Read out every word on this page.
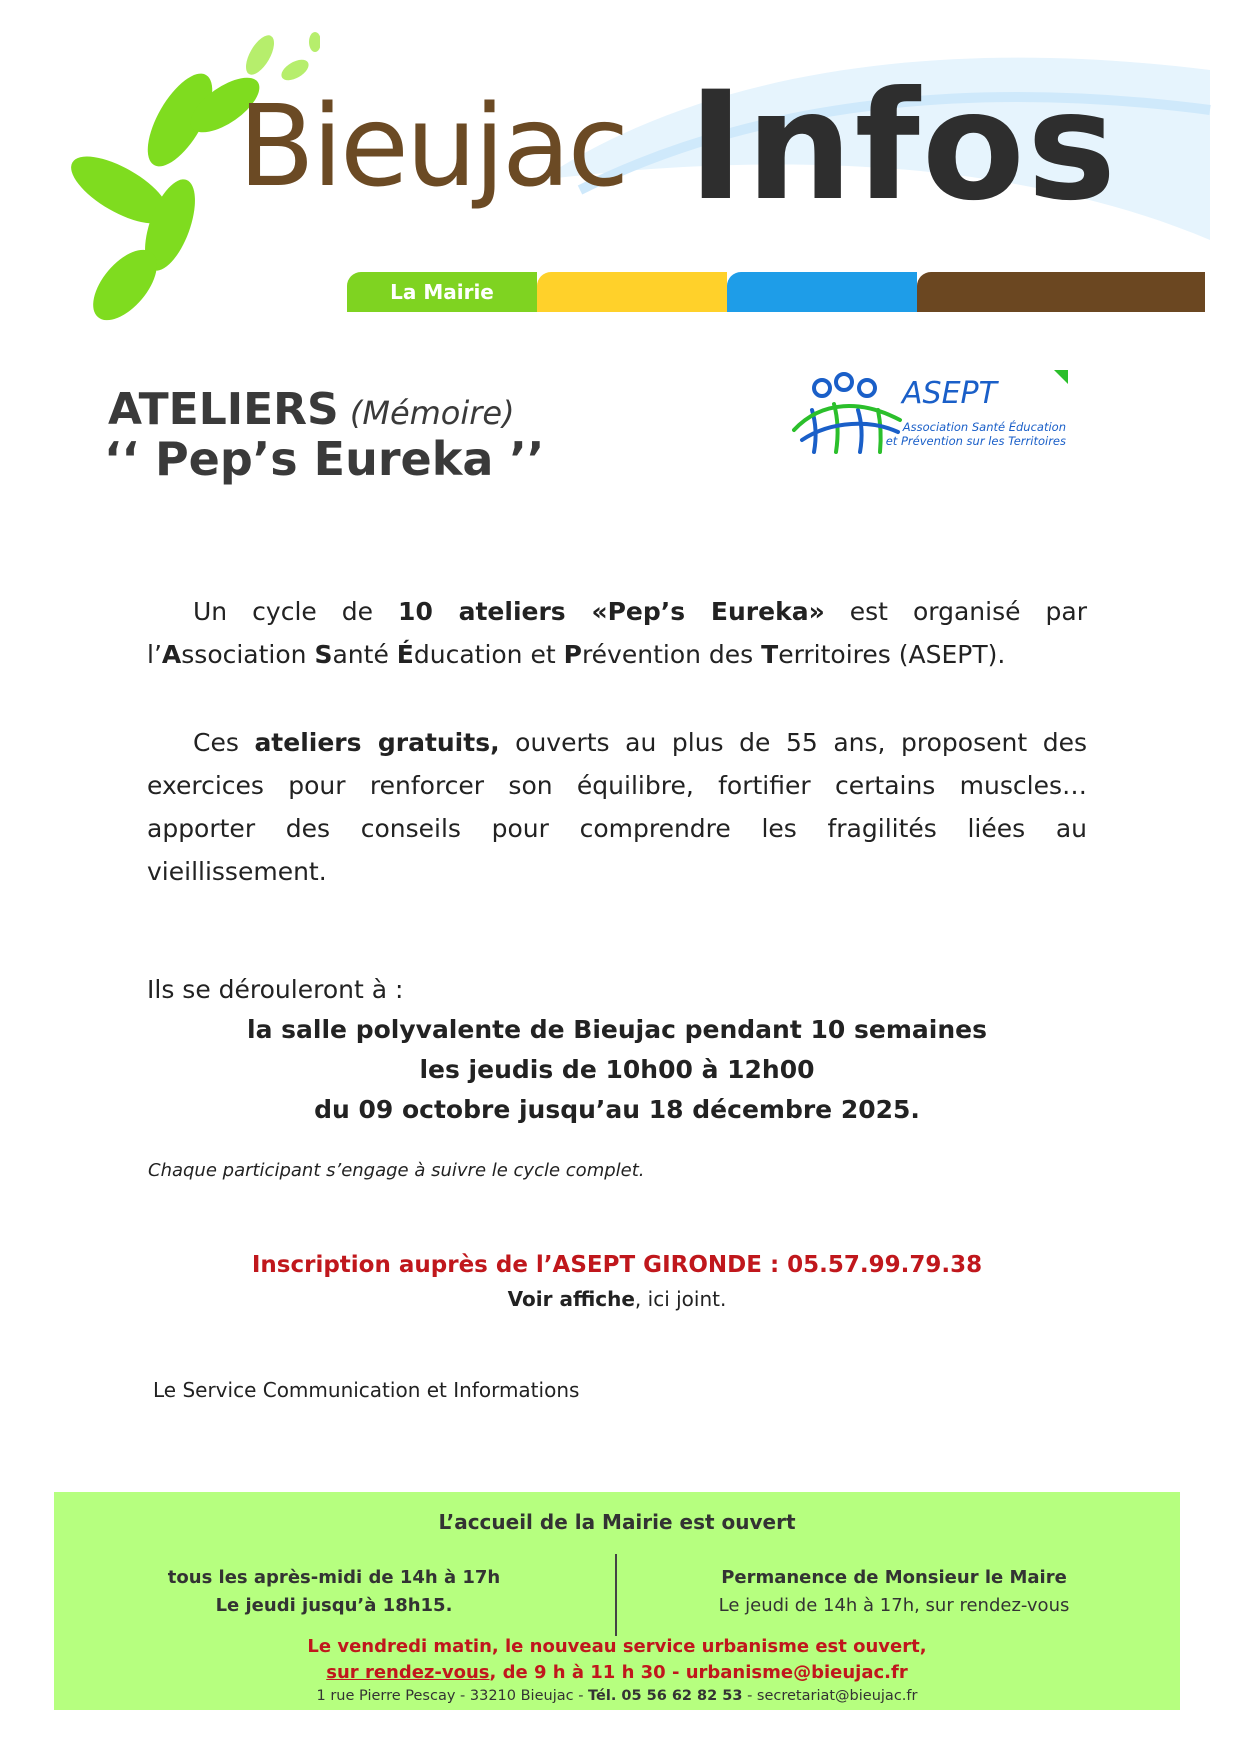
Bieujac Infos
La Mairie
ATELIERS (Mémoire)
‘‘ Pep’s Eureka ’’
ASEPT
Association Santé Éducation
et Prévention sur les Territoires
Un cycle de 10 ateliers «Pep’s Eureka» est organisé par l’Association Santé Éducation et Prévention des Territoires (ASEPT).
Ces ateliers gratuits, ouverts au plus de 55 ans, proposent des exercices pour renforcer son équilibre, fortifier certains muscles… apporter des conseils pour comprendre les fragilités liées au vieillissement.
Ils se dérouleront à :
la salle polyvalente de Bieujac pendant 10 semaines
les jeudis de 10h00 à 12h00
du 09 octobre jusqu’au 18 décembre 2025.
Chaque participant s’engage à suivre le cycle complet.
Inscription auprès de l’ASEPT GIRONDE : 05.57.99.79.38
Voir affiche, ici joint.
Le Service Communication et Informations
L’accueil de la Mairie est ouvert
tous les après-midi de 14h à 17h
Le jeudi jusqu’à 18h15.
Permanence de Monsieur le Maire
Le jeudi de 14h à 17h, sur rendez-vous
Le vendredi matin, le nouveau service urbanisme est ouvert,
sur rendez-vous, de 9 h à 11 h 30 - urbanisme@bieujac.fr
1 rue Pierre Pescay - 33210 Bieujac - Tél. 05 56 62 82 53 - secretariat@bieujac.fr
